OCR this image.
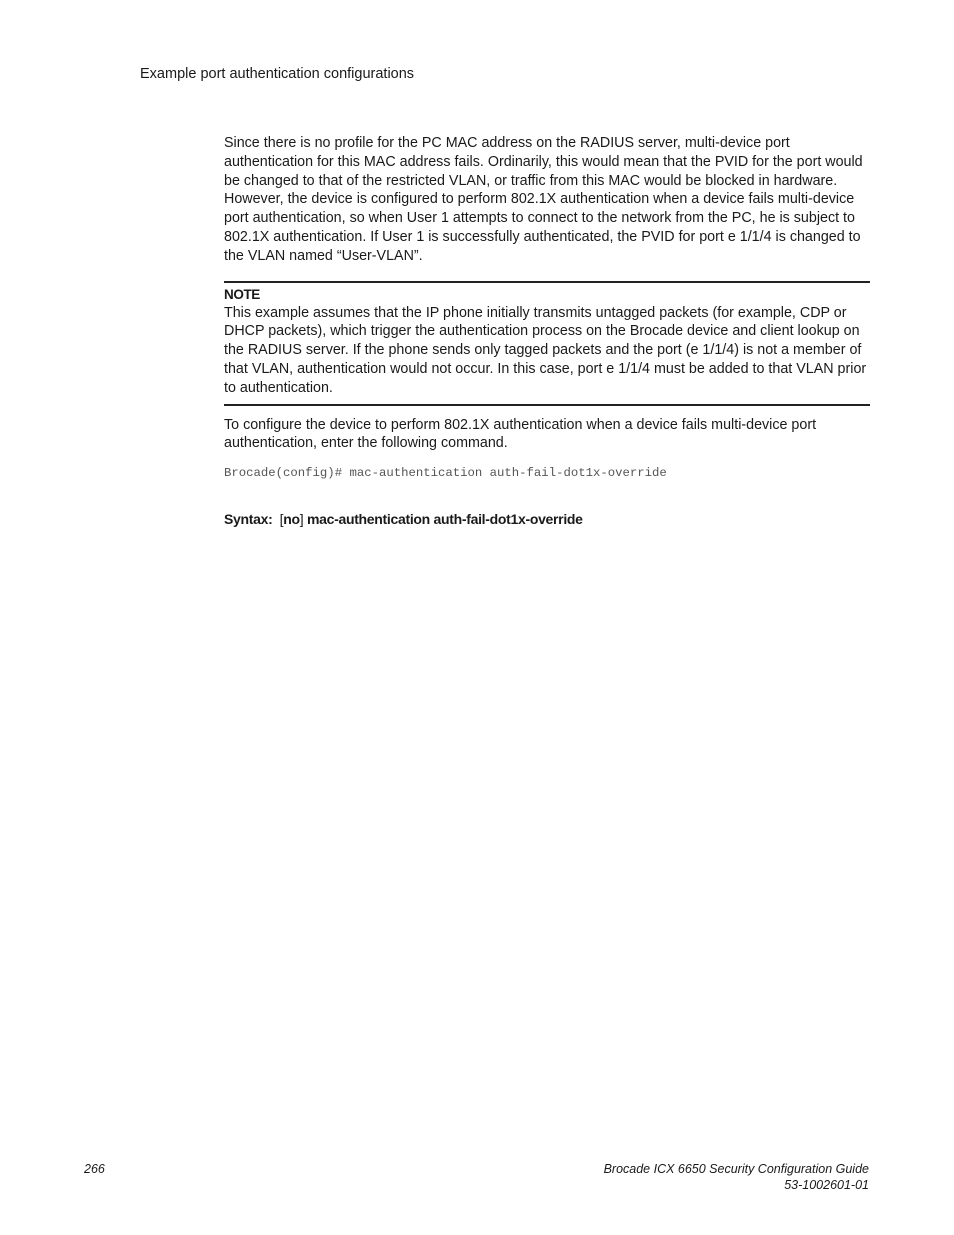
Example port authentication configurations

Since there is no profile for the PC MAC address on the RADIUS server, multi-device port authentication for this MAC address fails. Ordinarily, this would mean that the PVID for the port would be changed to that of the restricted VLAN, or traffic from this MAC would be blocked in hardware. However, the device is configured to perform 802.1X authentication when a device fails multi-device port authentication, so when User 1 attempts to connect to the network from the PC, he is subject to 802.1X authentication. If User 1 is successfully authenticated, the PVID for port e 1/1/4 is changed to the VLAN named “User-VLAN”.

NOTE

This example assumes that the IP phone initially transmits untagged packets (for example, CDP or DHCP packets), which trigger the authentication process on the Brocade device and client lookup on the RADIUS server. If the phone sends only tagged packets and the port (e 1/1/4) is not a member of that VLAN, authentication would not occur. In this case, port e 1/1/4 must be added to that VLAN prior to authentication.

To configure the device to perform 802.1X authentication when a device fails multi-device port authentication, enter the following command.

Brocade(config)# mac-authentication auth-fail-dot1x-override
Syntax: [no] mac-authentication auth-fail-dot1x-override
266	Brocade ICX 6650 Security Configuration Guide
53-1002601-01
